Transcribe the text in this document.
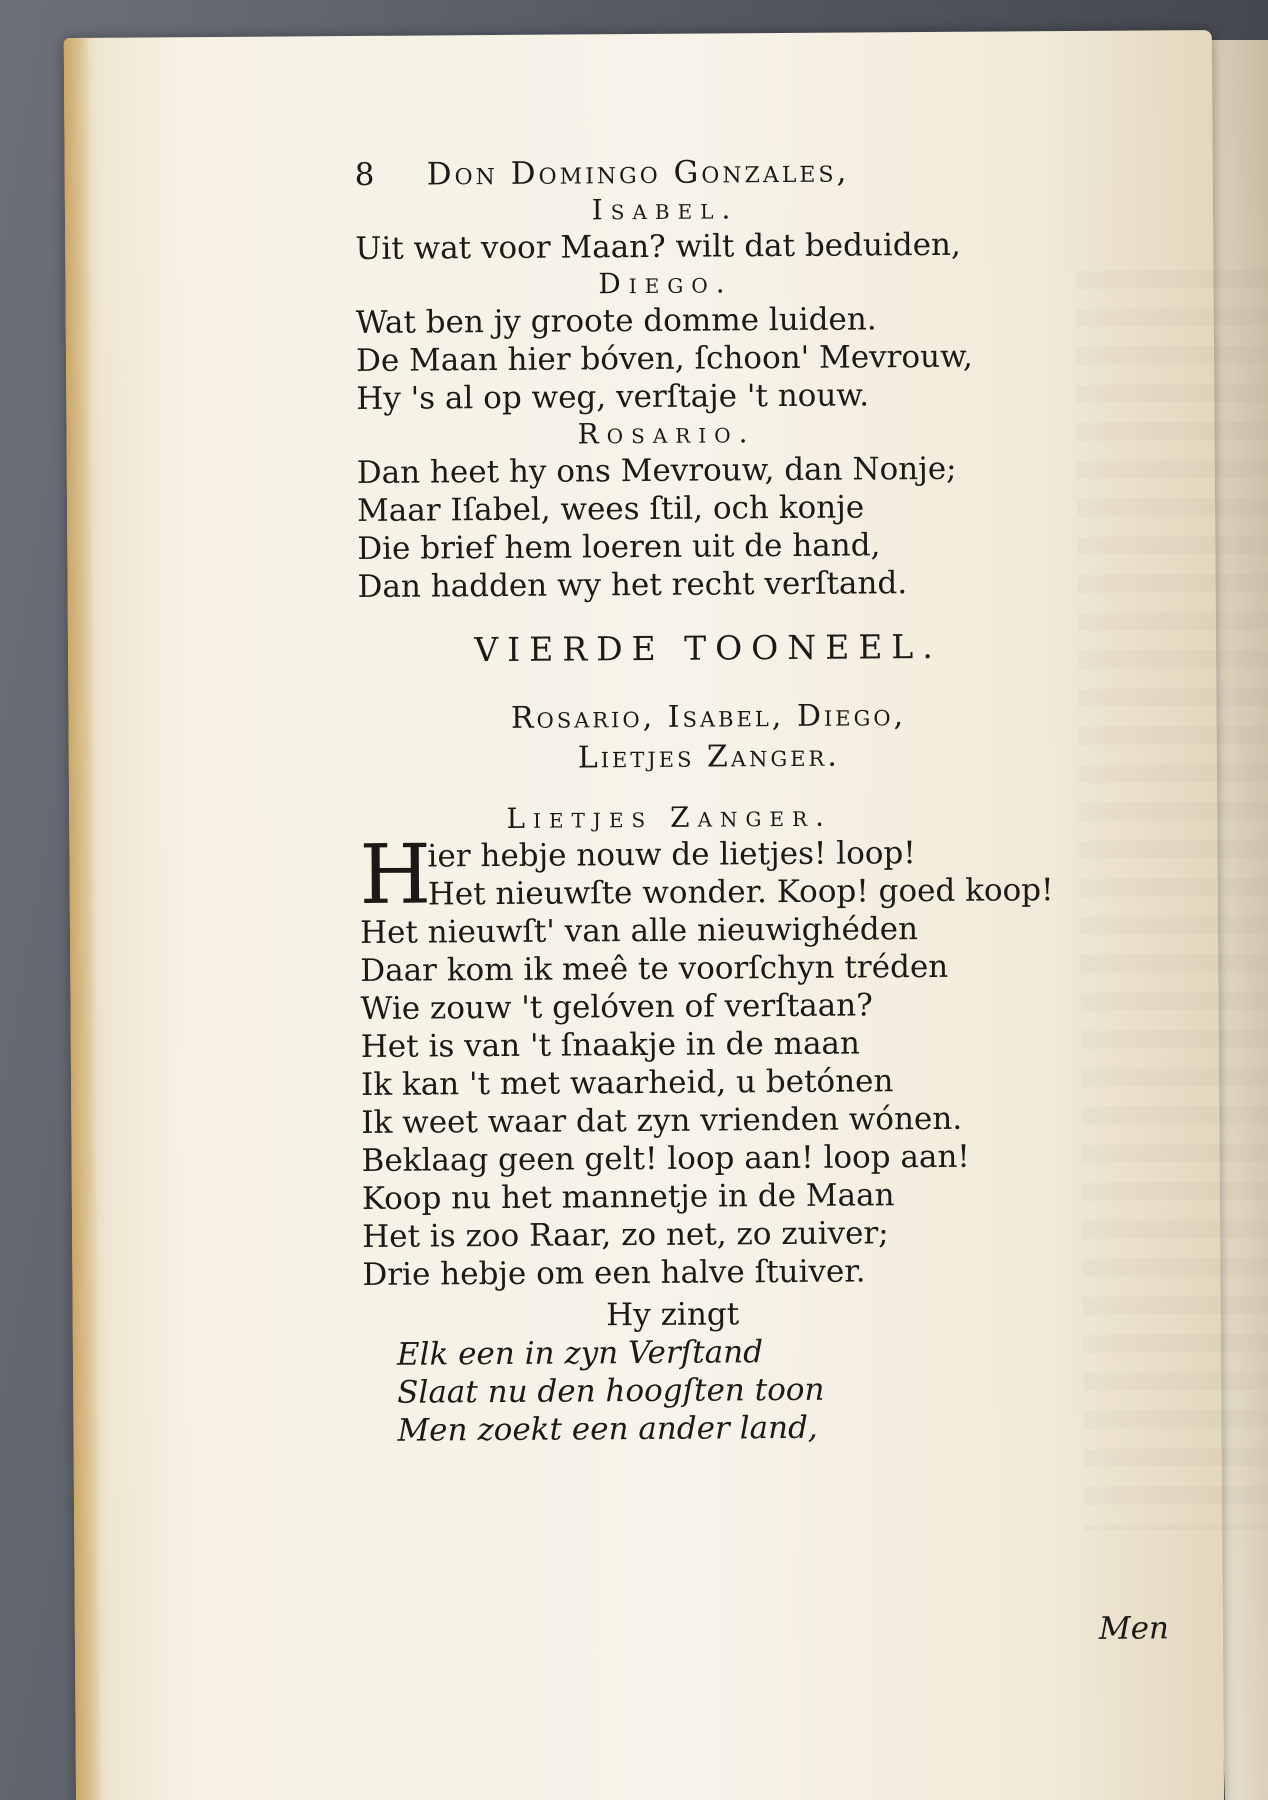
8	Don Domingo Gonzales,
Isabel.
Uit wat voor Maan? wilt dat beduiden,
Diego.
Wat ben jy groote domme luiden.
De Maan hier bóven, ſchoon' Mevrouw,
Hy 's al op weg, verſtaje 't nouw.
Rosario.
Dan heet hy ons Mevrouw, dan Nonje;
Maar Iſabel, wees ſtil, och konje
Die brief hem loeren uit de hand,
Dan hadden wy het recht verſtand.
VIERDE TOONEEL.
Rosario, Isabel, Diego,
Lietjes Zanger.
Lietjes Zanger.
H
ier hebje nouw de lietjes! loop!
Het nieuwſte wonder. Koop! goed koop!
Het nieuwſt' van alle nieuwighéden
Daar kom ik meê te voorſchyn tréden
Wie zouw 't gelóven of verſtaan?
Het is van 't ſnaakje in de maan
Ik kan 't met waarheid, u betónen
Ik weet waar dat zyn vrienden wónen.
Beklaag geen gelt! loop aan! loop aan!
Koop nu het mannetje in de Maan
Het is zoo Raar, zo net, zo zuiver;
Drie hebje om een halve ſtuiver.
Hy zingt
Elk een in zyn Verſtand
Slaat nu den hoogſten toon
Men zoekt een ander land,
Men
